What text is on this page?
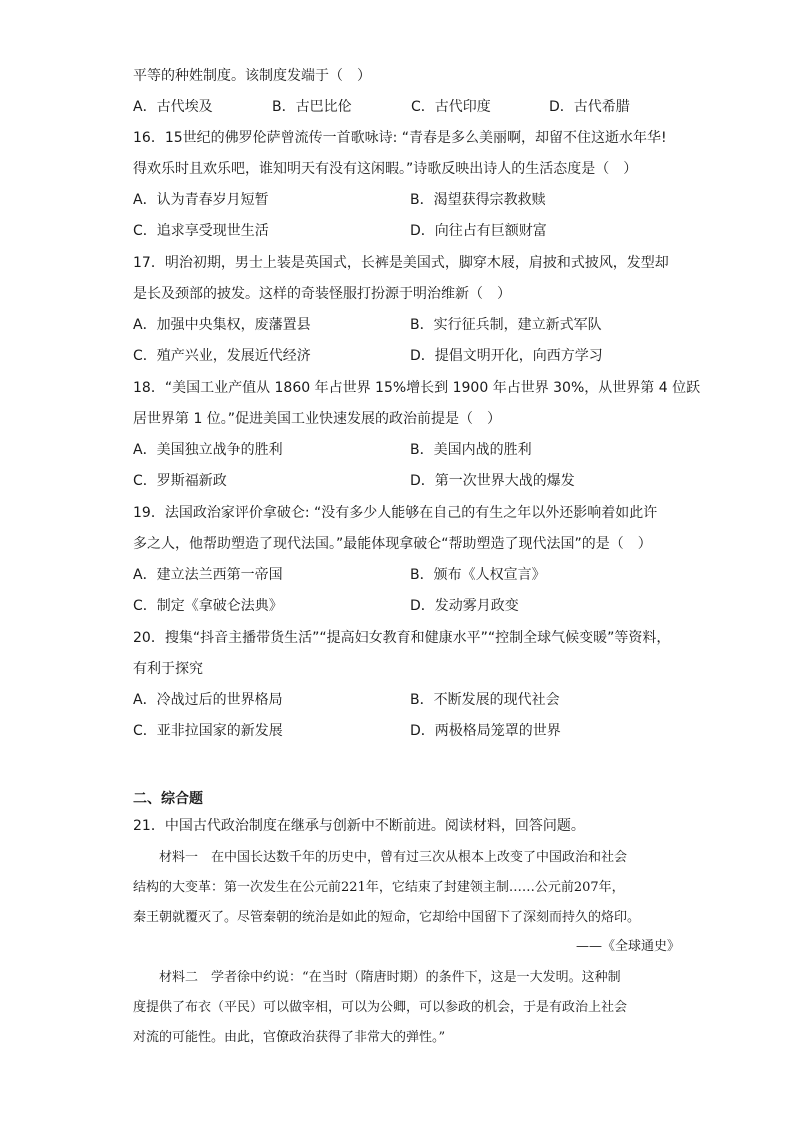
平等的种姓制度。该制度发端于（　）
A．古代埃及	B．古巴比伦	C．古代印度	D．古代希腊
16．15世纪的佛罗伦萨曾流传一首歌咏诗: “青春是多么美丽啊，却留不住这逝水年华!
得欢乐时且欢乐吧，谁知明天有没有这闲暇。”诗歌反映出诗人的生活态度是（　）
A．认为青春岁月短暂	B．渴望获得宗教救赎
C．追求享受现世生活	D．向往占有巨额财富
17．明治初期，男士上装是英国式，长裤是美国式，脚穿木屐，肩披和式披风，发型却
是长及颈部的披发。这样的奇装怪服打扮源于明治维新（　）
A．加强中央集权，废藩置县	B．实行征兵制，建立新式军队
C．殖产兴业，发展近代经济	D．提倡文明开化，向西方学习
18．“美国工业产值从 1860 年占世界 15%增长到 1900 年占世界 30%，从世界第 4 位跃
居世界第 1 位。”促进美国工业快速发展的政治前提是（　）
A．美国独立战争的胜利	B．美国内战的胜利
C．罗斯福新政	D．第一次世界大战的爆发
19．法国政治家评价拿破仑: “没有多少人能够在自己的有生之年以外还影响着如此许
多之人，他帮助塑造了现代法国。”最能体现拿破仑“帮助塑造了现代法国”的是（　）
A．建立法兰西第一帝国	B．颁布《人权宣言》
C．制定《拿破仑法典》	D．发动雾月政变
20．搜集“抖音主播带货生活”“提高妇女教育和健康水平”“控制全球气候变暖”等资料，
有利于探究
A．冷战过后的世界格局	B．不断发展的现代社会
C．亚非拉国家的新发展	D．两极格局笼罩的世界
二、综合题
21．中国古代政治制度在继承与创新中不断前进。阅读材料，回答问题。
材料一　在中国长达数千年的历史中，曾有过三次从根本上改变了中国政治和社会
结构的大变革：第一次发生在公元前221年，它结束了封建领主制……公元前207年，
秦王朝就覆灭了。尽管秦朝的统治是如此的短命，它却给中国留下了深刻而持久的烙印。
——《全球通史》
材料二　学者徐中约说：“在当时（隋唐时期）的条件下，这是一大发明。这种制
度提供了布衣（平民）可以做宰相，可以为公卿，可以参政的机会，于是有政治上社会
对流的可能性。由此，官僚政治获得了非常大的弹性。”
